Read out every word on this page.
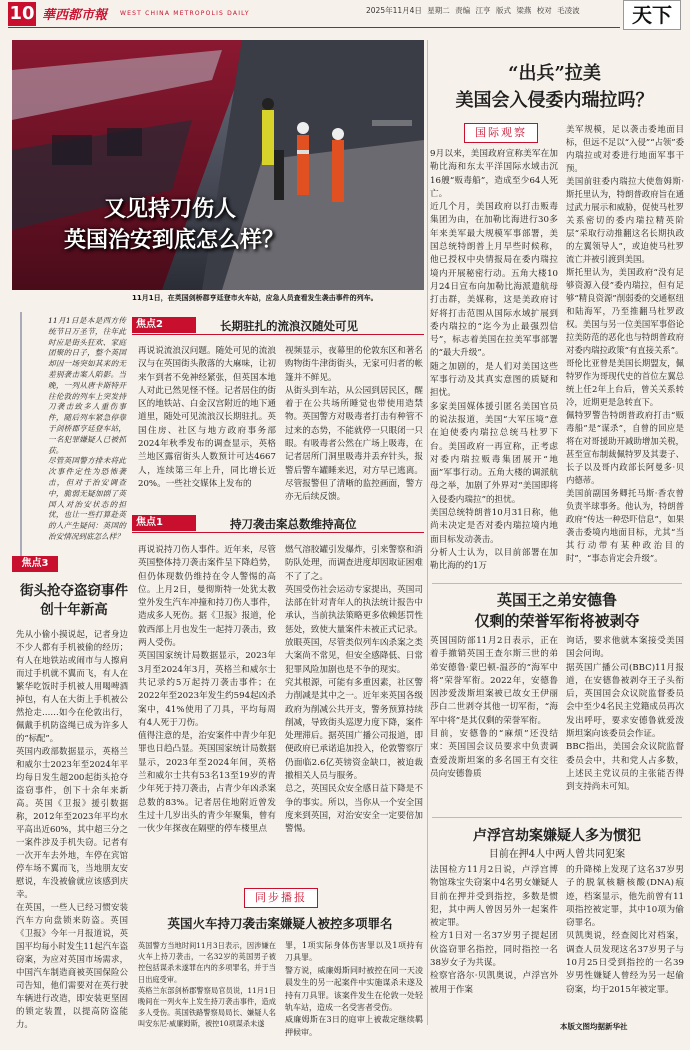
10 華西都市報 WEST CHINA METROPOLIS DAILY	2025年11月4日 星期二 责编 江亨 版式 梁燕 校对 毛凌波	天下
又见持刀伤人
英国治安到底怎么样？
11月1日，在英国剑桥郡亨廷登市火车站，应急人员查看发生袭击事件的列车。
11月1日是本是西方传统节日万圣节，往年此时应是街头狂欢、家庭团聚的日子，整个英国却因一场突如其来的无差别袭击案人陷影。当晚，一列从唐卡斯特开往伦敦的列车上突发持刀袭击致多人重伤事件，随后列车紧急停靠于剑桥郡亨廷登车站，一名犯罪嫌疑人已被抓获。
尽管英国警方排未将此次事件定性为恐怖袭击，但对于治安调查中，脆弱无疑加剧了英国人对治安状态的担忧，也让一些打算赴英的人产生疑问：英国的治安情况到底怎么样？
焦点3
街头抢夺盗窃事件
创十年新高
先从小偷小摸说起，记者身边不少人都有手机被偷的经历；有人在地铁站或闹市与人擦肩而过手机就不翼而飞，有人在繁华吃饭时手机被人用喝啤酒掉包，有人在大街上手机被公然抢走……如今在伦敦出行，佩戴手机防盗绳已成为许多人的“标配”。
英国内政部数据显示，英格兰和威尔士2023年至2024年平均每日发生超200起街头抢夺盗窃事件，创下十余年来新高。英国《卫报》援引数据称，2012年至2023年平均水平高出近60%，其中超三分之一案件涉及手机失窃。记者有一次开车去外地，车停在宾馆停车场不翼而飞，当地朋友安慰说，车没被偷就应该感到庆幸。
在英国，一些人已经习惯安装汽车方向盘锁来防盗。英国《卫报》今年一月报道说，英国平均每小时发生11起汽车盗窃案，为应对英国市场需求，中国汽车制造商被英国保险公司告知，他们需要对在英行驶车辆进行改造，即安装更坚固的锁定装置，以提高防盗能力。
焦点2	长期驻扎的流浪汉随处可见
再说说流浪汉问题。随处可见的流浪汉与在英国街头散落的大麻味，让初来乍到者不免神经紧张，但英国本地人对此已然见怪不怪。记者居住的街区的地铁站、白金汉宫附近的地下通道里，随处可见流浪汉长期驻扎。英国住房、社区与地方政府事务部2024年秋季发布的调查显示，英格兰地区露宿街头人数预计可达4667人，连续第三年上升，同比增长近20%。一些社交媒体上发布的
视频显示，夜幕里的伦敦东区和著名购物街牛津街街头，无家可归者的帐篷并不鲜见。
从街头到车站，从公园到居民区，醒着于在公共场所睡觉也带使用造禁物。英国警方对吸毒者打击有种管不过来的态势，不能就停一只眼闭一只眼。有吸毒者公然在广场上吸毒，在记者居所门洞里吸毒并丢弃针头，报警后警车罐睡来迟，对方早已逃离。尽管报警但了清晰的监控画面，警方亦无后续反馈。
焦点1	持刀袭击案总数维持高位
再说说持刀伤人事件。近年来，尽管英国整体持刀袭击案件呈下降趋势，但仍体现数仍维持在令人警惕的高位。上月2日，曼彻斯特一处犹太教堂外发生汽车冲撞和持刀伤人事件，造成多人死伤。据《卫报》报道，伦敦西部上月也发生一起持刀袭击，致两人受伤。
英国国家统计局数据显示，2023年3月至2024年3月，英格兰和威尔士共记录约5万起持刀袭击事件；在2022年至2023年发生约594起凶杀案中，41%使用了刀具，平均每周有4人死于刀伤。
值得注意的是，治安案件中青少年犯罪也日趋凸显。英国国家统计局数据显示，2023年至2024年间，英格兰和威尔士共有53名13至19岁的青少年死于持刀袭击，占青少年凶杀案总数的83%。记者居住地附近曾发生过十几岁出头的青少年聚集，曾有一伙少年探夜在隔壁的停车楼里点
燃气溶胶罐引发爆炸，引来警察和消防队处理，而调查进度却因取证困难不了了之。
英国受伤社会运动专家提出，英国司法部在针对青年人的执法统计报告中承认，当前执法策略更多依赖惩罚性惩处，致使大量案件未被正式记录。
放眼英国，尽管类似列车凶杀案之类大案尚不常见，但安全感降低、日常犯罪风险加剧也是不争的现实。
究其根源，可能有多重因素，社区警力削减是其中之一。近年来英国各级政府为削减公共开支，警务预算持续削减，导致街头巡逻力度下降，案件处理滞后。据英国广播公司报道，即便政府已承诺追加投入，伦敦警察厅仍面临2.6亿英镑资金缺口，被迫裁撤相关人员与服务。
总之，英国民众安全感日益下降是不争的事实。所以，当你从一个安全国度来到英国，对治安安全一定要倍加警惕。
同步播报
英国火车持刀袭击案嫌疑人被控多项罪名
英国警方当地时间11月3日表示，因涉嫌在火车上持刀袭击，一名32岁的英国男子被控包括谋杀未遂罪在内的多项罪名，并于当日出庭受审。
英格兰东部剑桥郡警察局官员说，11月1日晚间在一列火车上发生持刀袭击事件，造成多人受伤。英国铁路警察局局长、嫌疑人名叫安东尼·威廉姆斯，被控10项谋杀未遂
罪，1项实际身体伤害罪以及1项持有刀具罪。
警方说，威廉姆斯同时被控在同一天凌晨发生的另一起案件中实施谋杀未遂及持有刀具罪。该案件发生在伦敦一处轻轨车站，造成一名受害者受伤。
威廉姆斯在3日的庭审上被裁定继续羁押候审。
“出兵”拉美
美国会入侵委内瑞拉吗？
国际观察
9月以来，美国政府宣称美军在加勒比海和东太平洋国际水域击沉16艘“贩毒船”，造成至少64人死亡。
近几个月，美国政府以打击贩毒集团为由，在加勒比海进行30多年来美军最大规模军事部署，美国总统特朗普上月早些时候称，他已授权中央情报局在委内瑞拉境内开展秘密行动。五角大楼10月24日宣布向加勒比海派遣航母打击群，美媒称，这是美政府讨好将打击范围从国际水域扩展到委内瑞拉的“迄今为止最强烈信号”，标志着美国在拉美军事部署的“最大升级”。
随之加剧的，是人们对美国这些军事行动及其真实意图的质疑和担忧。
多家美国媒体援引匿名美国官员的说法报道，美国“大军压境”意在迫使委内瑞拉总统马杜罗下台。美国政府一再宣称，正考虑对委内瑞拉贩毒集团展开“地面”军事行动。五角大楼的调派航母之举，加剧了外界对“美国即将入侵委内瑞拉”的担忧。
美国总统特朗普10月31日称，他尚未决定是否对委内瑞拉境内地面目标发动袭击。
分析人士认为，以目前部署在加勒比海的约1万
美军规模，足以袭击委地面目标，但远不足以“入侵”“占领”委内瑞拉或对委进行地面军事干预。
美国前驻委内瑞拉大使詹姆斯·斯托里认为，特朗普政府旨在通过武力展示和威胁，促使马杜罗关系密切的委内瑞拉精英阶层“采取行动推翻这名长期执政的左翼领导人”，或迫使马杜罗流亡并被引渡到美国。
斯托里认为，美国政府“没有足够资源入侵”委内瑞拉，但有足够“精良资源”削弱委的交通枢纽和陆海军，乃至推翻马杜罗政权。美国与另一位美国军事俗论拉美防范的恶化也与特朗普政府对委内瑞拉政策“有直接关系”。
哥伦比亚曾是美国长期盟友，佩特罗作为哥现代史的首位左翼总统上任2年上台后，曾关关系转冷，近期更是急转直下。
佩特罗警告特朗普政府打击“贩毒船”是“谋杀”，自曾的回应是将在对哥援助开减助增加关税，甚至宣布制裁佩特罗及其妻子、长子以及哥内政部长阿曼多·贝内德蒂。
美国前副国务卿托马斯·香农曾负责半球事务。他认为，特朗普政府“传达一种恐吓信息”，如果袭击委境内地面目标，尤其“当其行动带有某种政治目的时”，“事态肯定会升级”。
英国王之弟安德鲁
仅剩的荣誉军衔将被剥夺
英国国防部11月2日表示，正在着手撤销英国王查尔斯三世的弟弟安德鲁·蒙巴顿-温莎的“海军中将”荣誉军衔。2022年，安德鲁因涉爱泼斯坦案被已故女王伊丽莎白二世剥夺其他一切军衔，“海军中将”是其仅剩的荣誉军衔。
目前，安德鲁的“麻烦”还没结束：英国国会议员要求中负责调查爱泼斯坦案的多名国王有交往员向安德鲁质
询话，要求他就本案接受美国国会问询。
据英国广播公司(BBC)11月报道，在安德鲁被剥夺王子头衔后，英国国会众议院监督委员会中至少4名民主党籍成员再次发出呼吁，要求安德鲁就爱泼斯坦案向该委员会作证。
BBC指出，美国会众议院监督委员会中，共和党人占多数，上述民主党议员的主张能否得到支持尚未可知。
卢浮宫劫案嫌疑人多为惯犯
目前在押4人中两人曾共同犯案
法国检方11月2日说，卢浮宫博物馆珠宝失窃案中4名男女嫌疑人目前在押并受到指控，多数是惯犯，其中两人曾因另外一起案件被定罪。
检方1日对一名37岁男子提起团伙盗窃罪名指控，同时指控一名38岁女子为共谋。
检察官洛尔·贝凯奥说，卢浮宫外被用于作案
的升降梯上发现了这名37岁男子的脱氧核糖核酸(DNA)痕迹，档案显示，他先前曾有11项指控被定罪，其中10项为偷窃罪名。
贝凯奥说，经查阅比对档案，调查人员发现这名37岁男子与10月25日受到指控的一名39岁男性嫌疑人曾经为另一起偷窃案，均于2015年被定罪。
本版文图均据新华社
